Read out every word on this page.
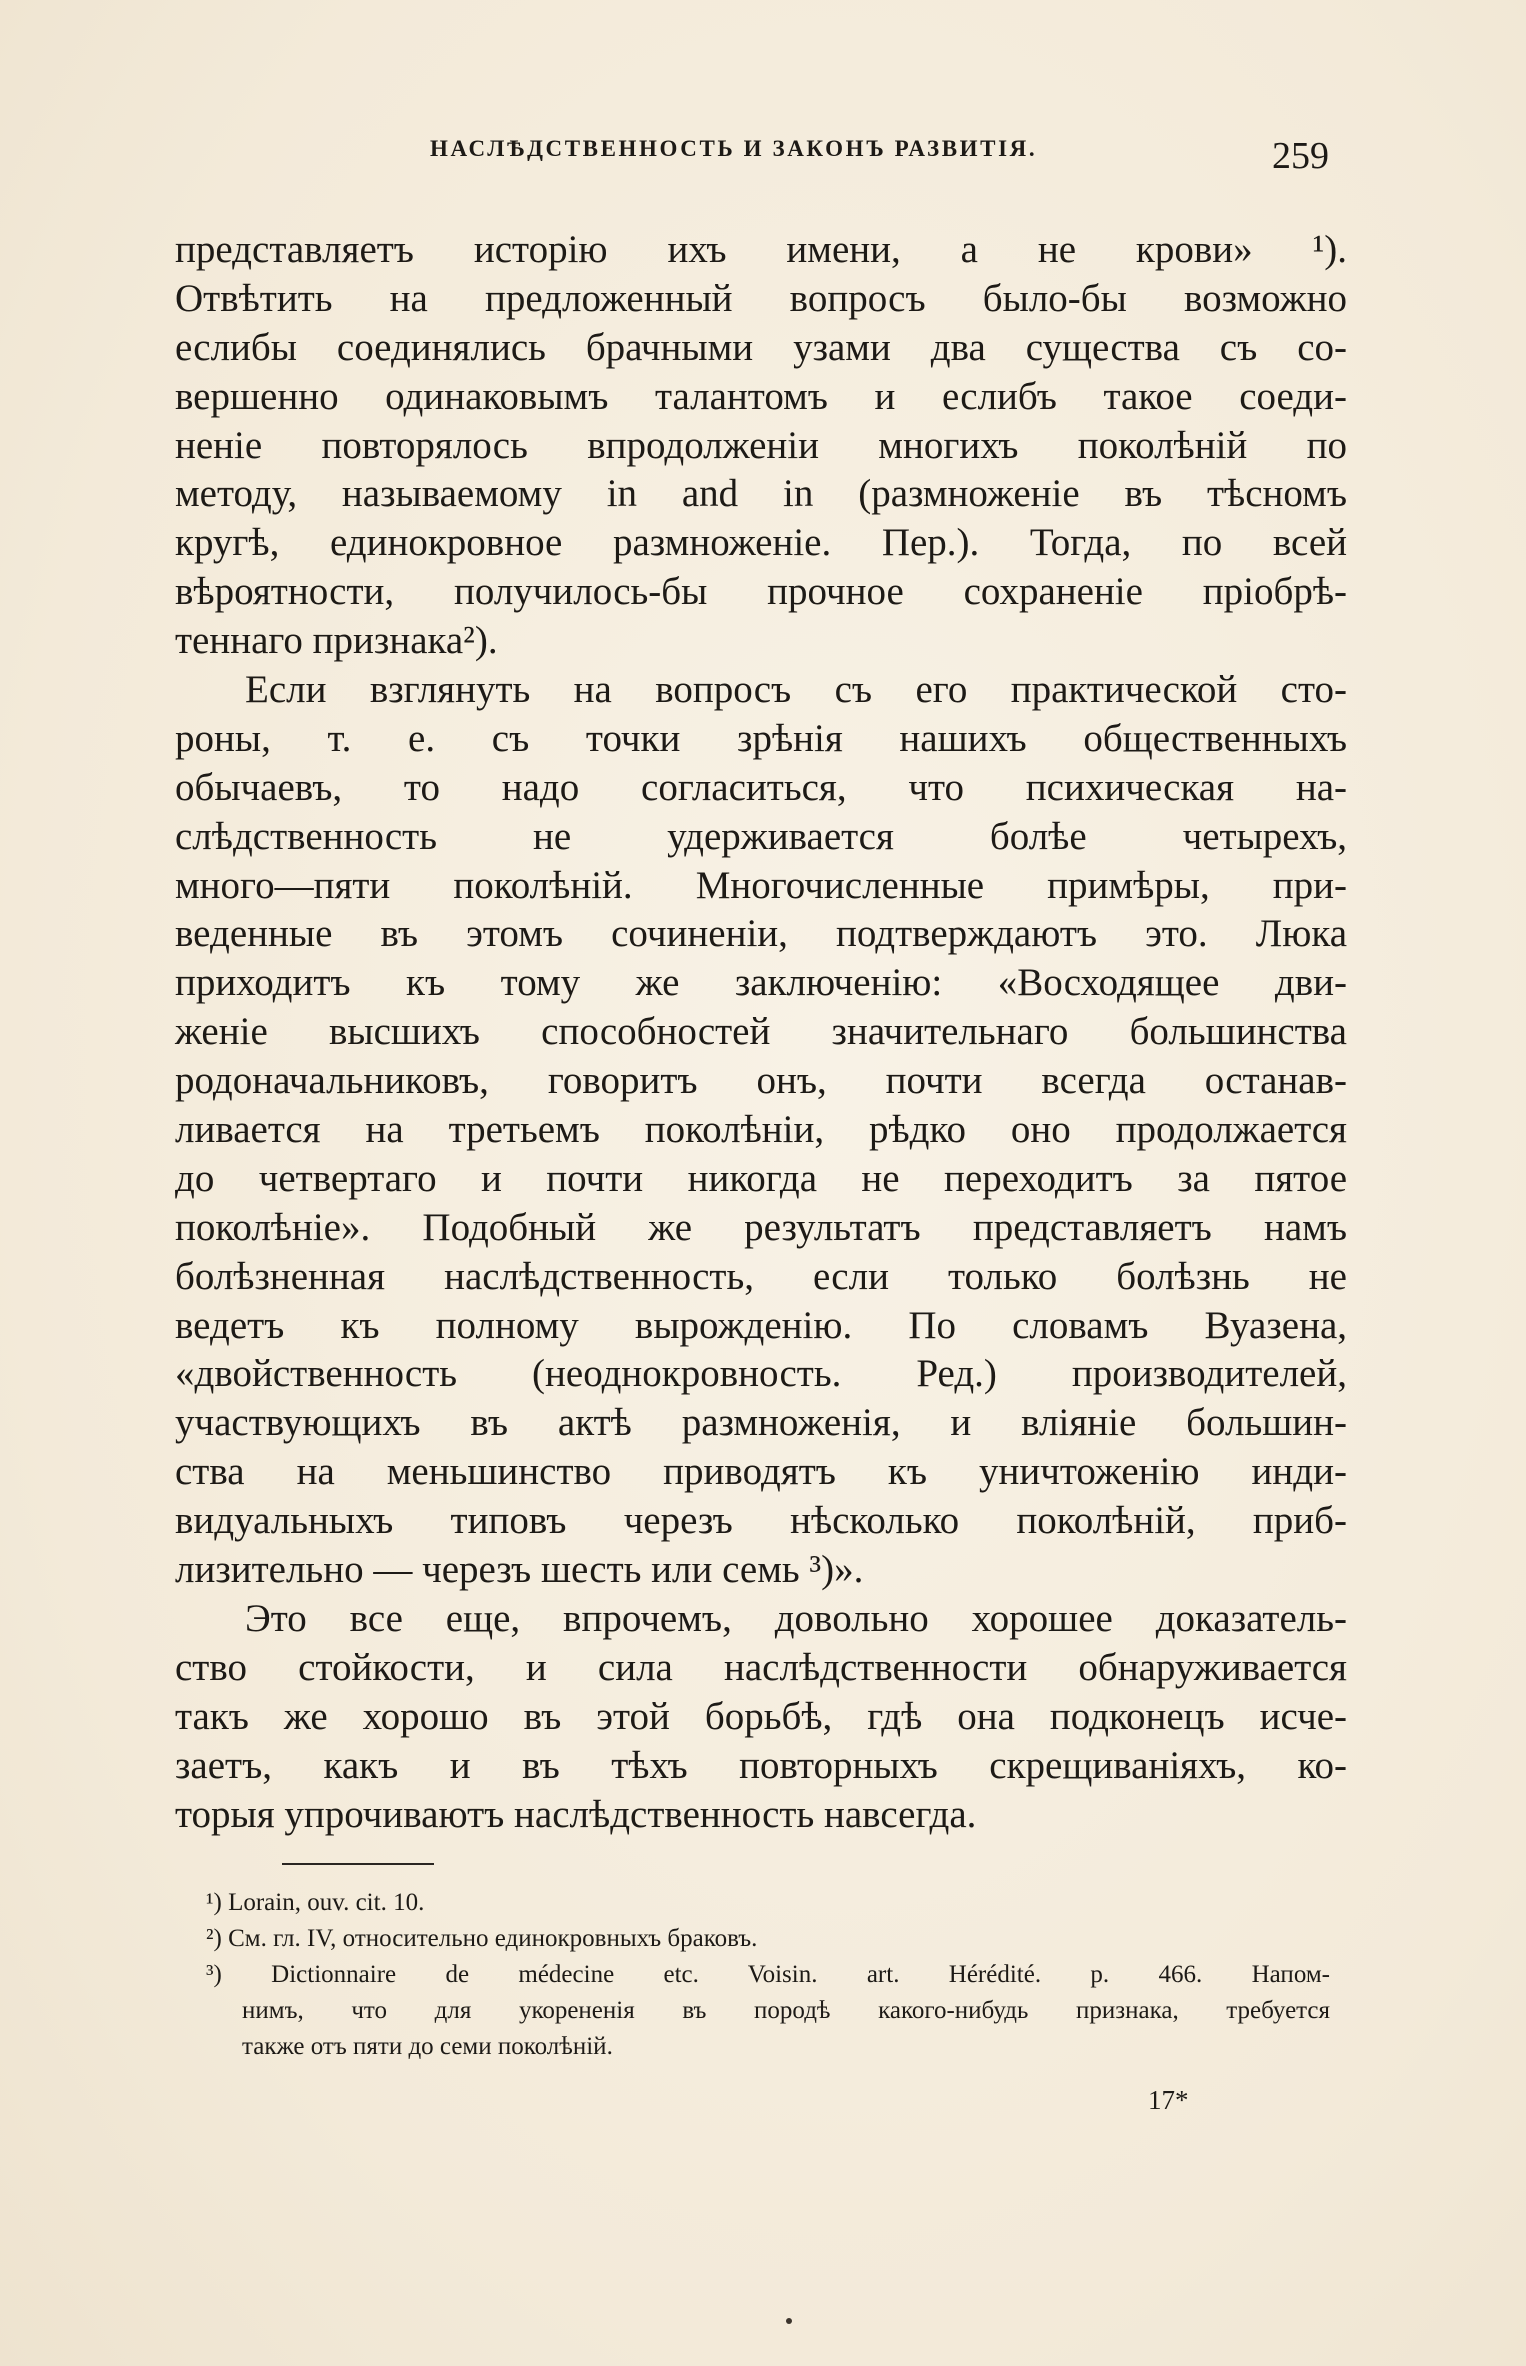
НАСЛѢДСТВЕННОСТЬ И ЗАКОНЪ РАЗВИТІЯ.	259
представляетъ исторію ихъ имени, а не крови» ¹).
Отвѣтить на предложенный вопросъ было-бы возможно
еслибы соединялись брачными узами два существа съ со-
вершенно одинаковымъ талантомъ и еслибъ такое соеди-
неніе повторялось впродолженіи многихъ поколѣній по
методу, называемому in and in (размноженіе въ тѣсномъ
кругѣ, единокровное размноженіе. Пер.). Тогда, по всей
вѣроятности, получилось-бы прочное сохраненіе пріобрѣ-
теннаго признака²).
Если взглянуть на вопросъ съ его практической сто-
роны, т. е. съ точки зрѣнія нашихъ общественныхъ
обычаевъ, то надо согласиться, что психическая на-
слѣдственность не удерживается болѣе четырехъ,
много—пяти поколѣній. Многочисленные примѣры, при-
веденные въ этомъ сочиненіи, подтверждаютъ это. Люка
приходитъ къ тому же заключенію: «Восходящее дви-
женіе высшихъ способностей значительнаго большинства
родоначальниковъ, говоритъ онъ, почти всегда останав-
ливается на третьемъ поколѣніи, рѣдко оно продолжается
до четвертаго и почти никогда не переходитъ за пятое
поколѣніе». Подобный же результатъ представляетъ намъ
болѣзненная наслѣдственность, если только болѣзнь не
ведетъ къ полному вырожденію. По словамъ Вуазена,
«двойственность (неоднокровность. Ред.) производителей,
участвующихъ въ актѣ размноженія, и вліяніе большин-
ства на меньшинство приводятъ къ уничтоженію инди-
видуальныхъ типовъ черезъ нѣсколько поколѣній, приб-
лизительно — черезъ шесть или семь ³)».
Это все еще, впрочемъ, довольно хорошее доказатель-
ство стойкости, и сила наслѣдственности обнаруживается
такъ же хорошо въ этой борьбѣ, гдѣ она подконецъ исче-
заетъ, какъ и въ тѣхъ повторныхъ скрещиваніяхъ, ко-
торыя упрочиваютъ наслѣдственность навсегда.
¹) Lorain, ouv. cit. 10.
²) См. гл. IV, относительно единокровныхъ браковъ.
³) Dictionnaire de médecine etc. Voisin. art. Hérédité. p. 466. Напом-
нимъ, что для укорененія въ породѣ какого-нибудь признака, требуется
также отъ пяти до семи поколѣній.
17*
